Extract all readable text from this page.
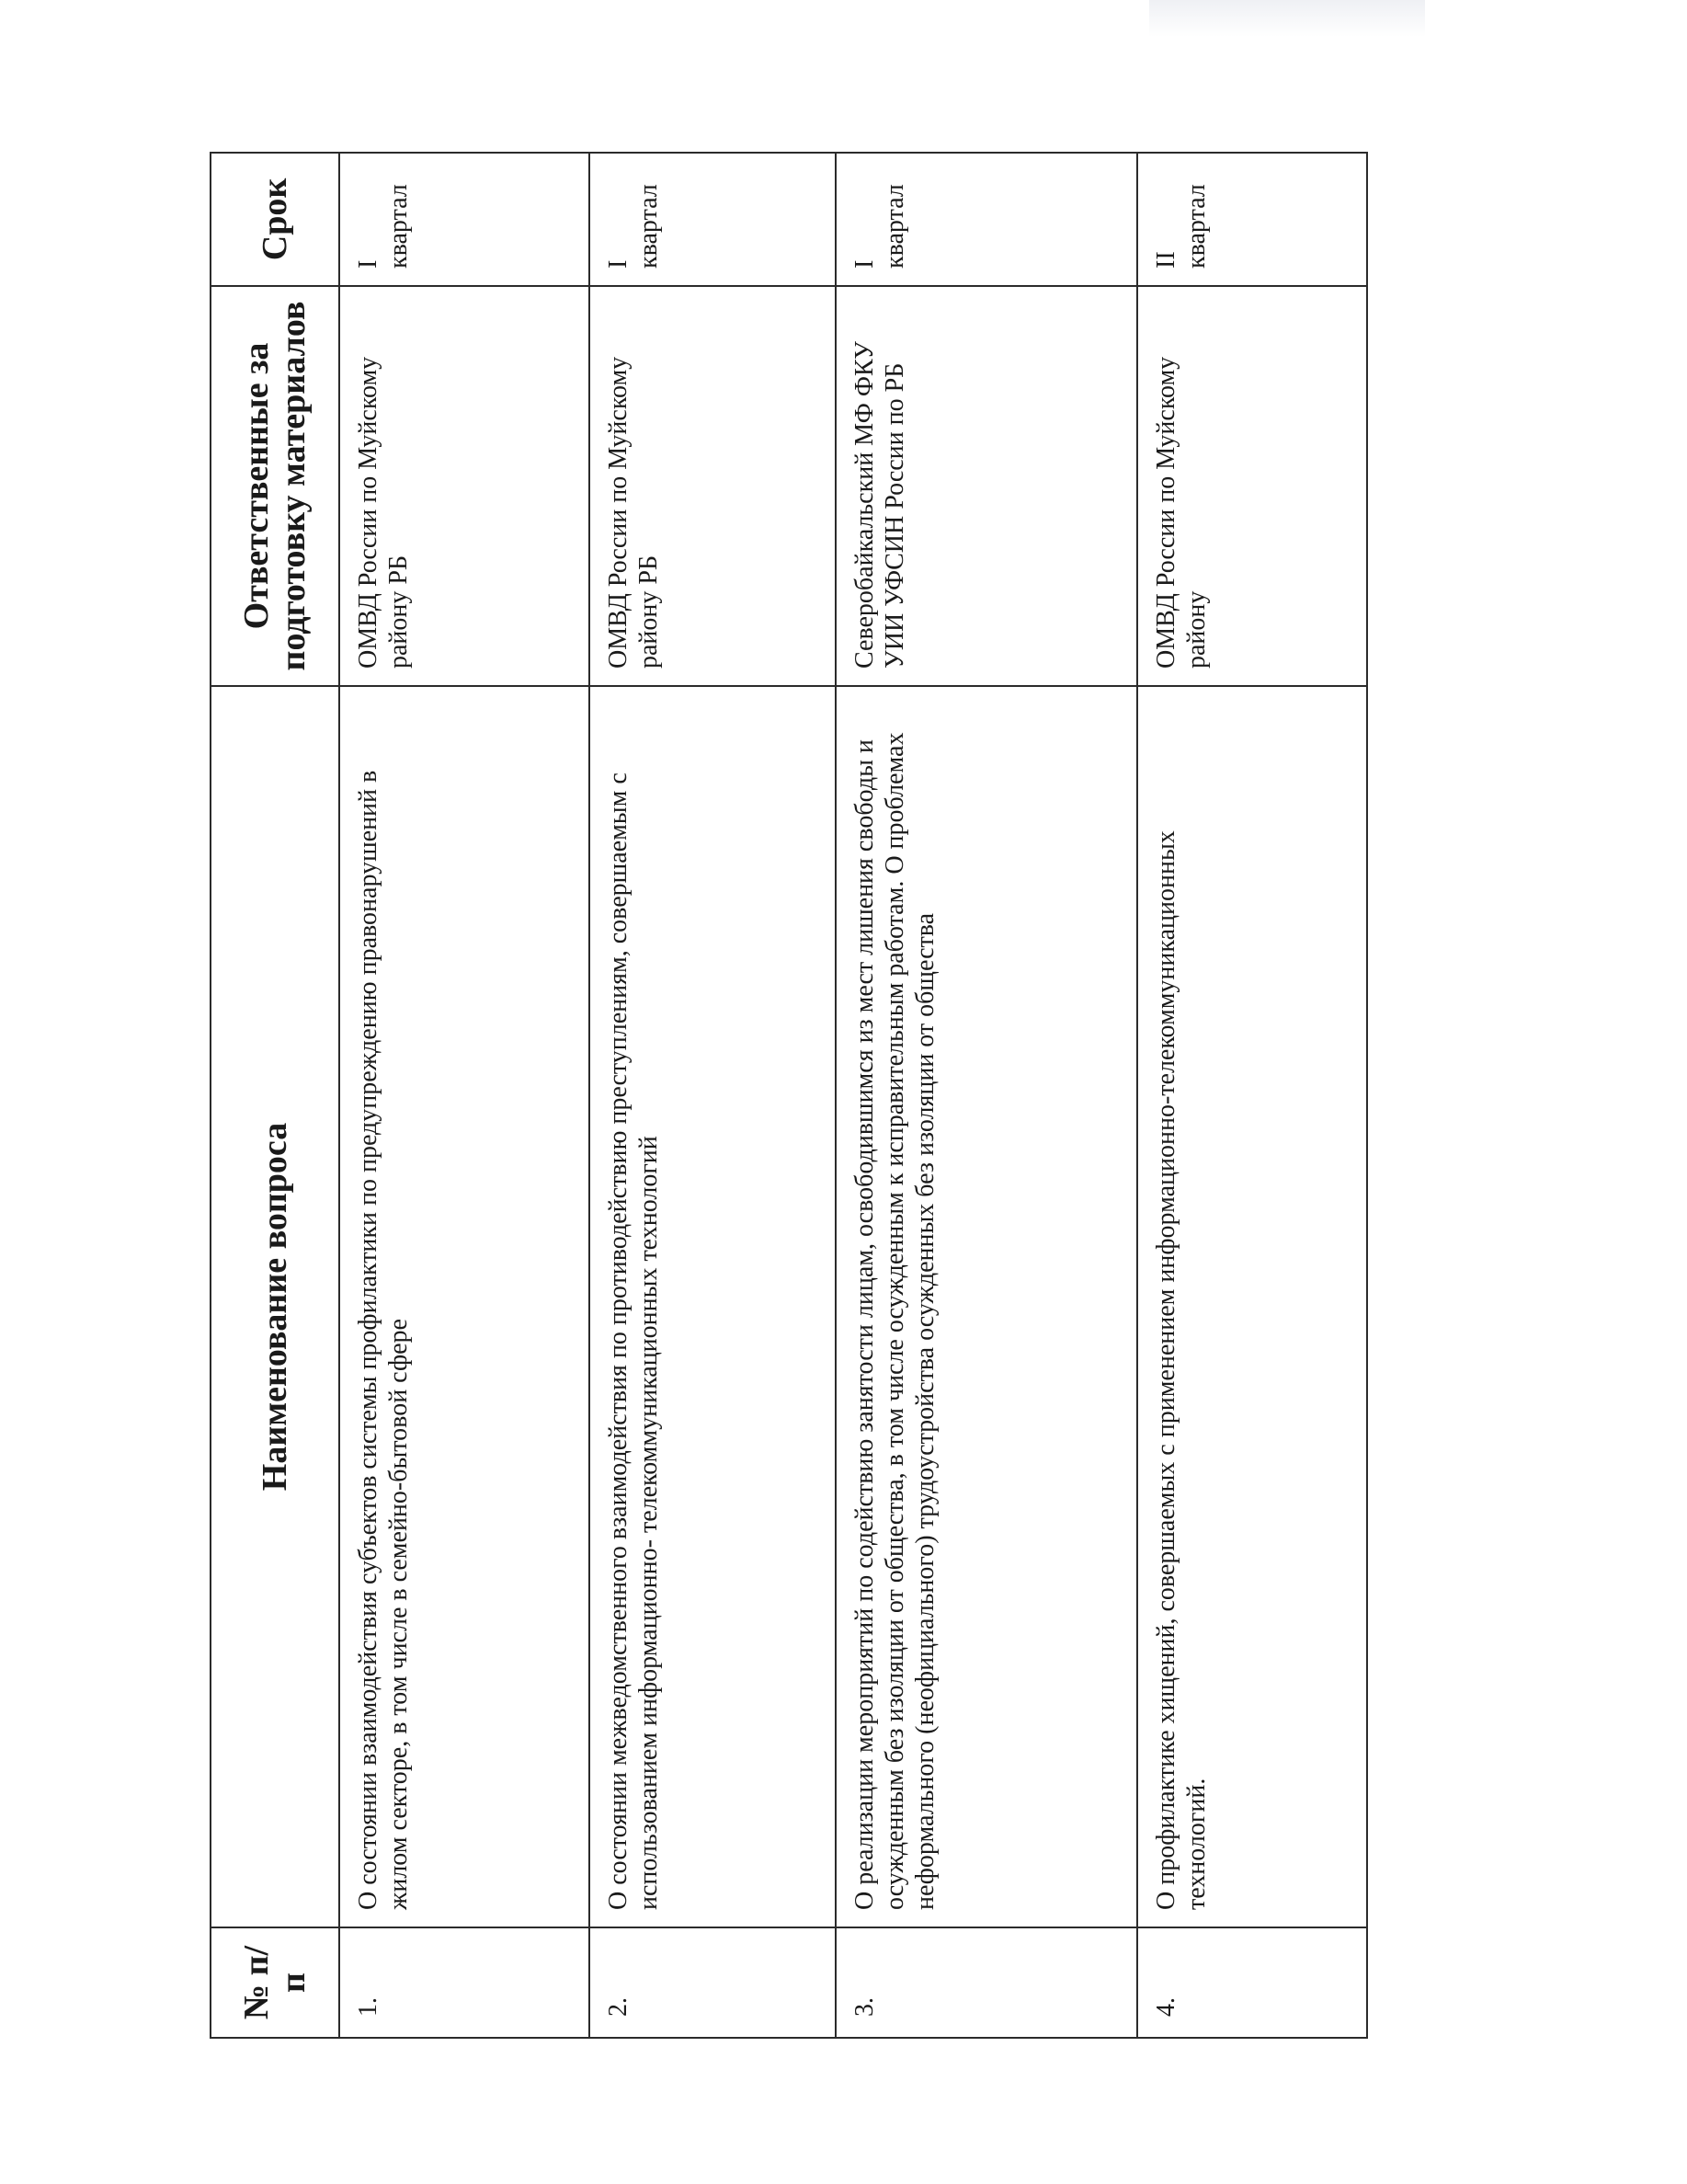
№ п/п	Наименование вопроса	Ответственные за подготовку материалов	Срок
1.	О состоянии взаимодействия субъектов системы профилактики по предупреждению правонарушений в жилом секторе, в том числе в семейно-бытовой сфере	ОМВД России по Муйскому району РБ	I квартал
2.	О состоянии межведомственного взаимодействия по противодействию преступлениям, совершаемым с использованием информационно- телекоммуникационных технологий	ОМВД России по Муйскому району РБ	I квартал
3.	О реализации мероприятий по содействию занятости лицам, освободившимся из мест лишения свободы и осужденным без изоляции от общества, в том числе осужденным к исправительным работам. О проблемах неформального (неофициального) трудоустройства осужденных без изоляции от общества	Северобайкальский МФ ФКУ УИИ УФСИН России по РБ	I квартал
4.	О профилактике хищений, совершаемых с применением информационно-телекоммуникационных технологий.	ОМВД России по Муйскому району	II квартал
